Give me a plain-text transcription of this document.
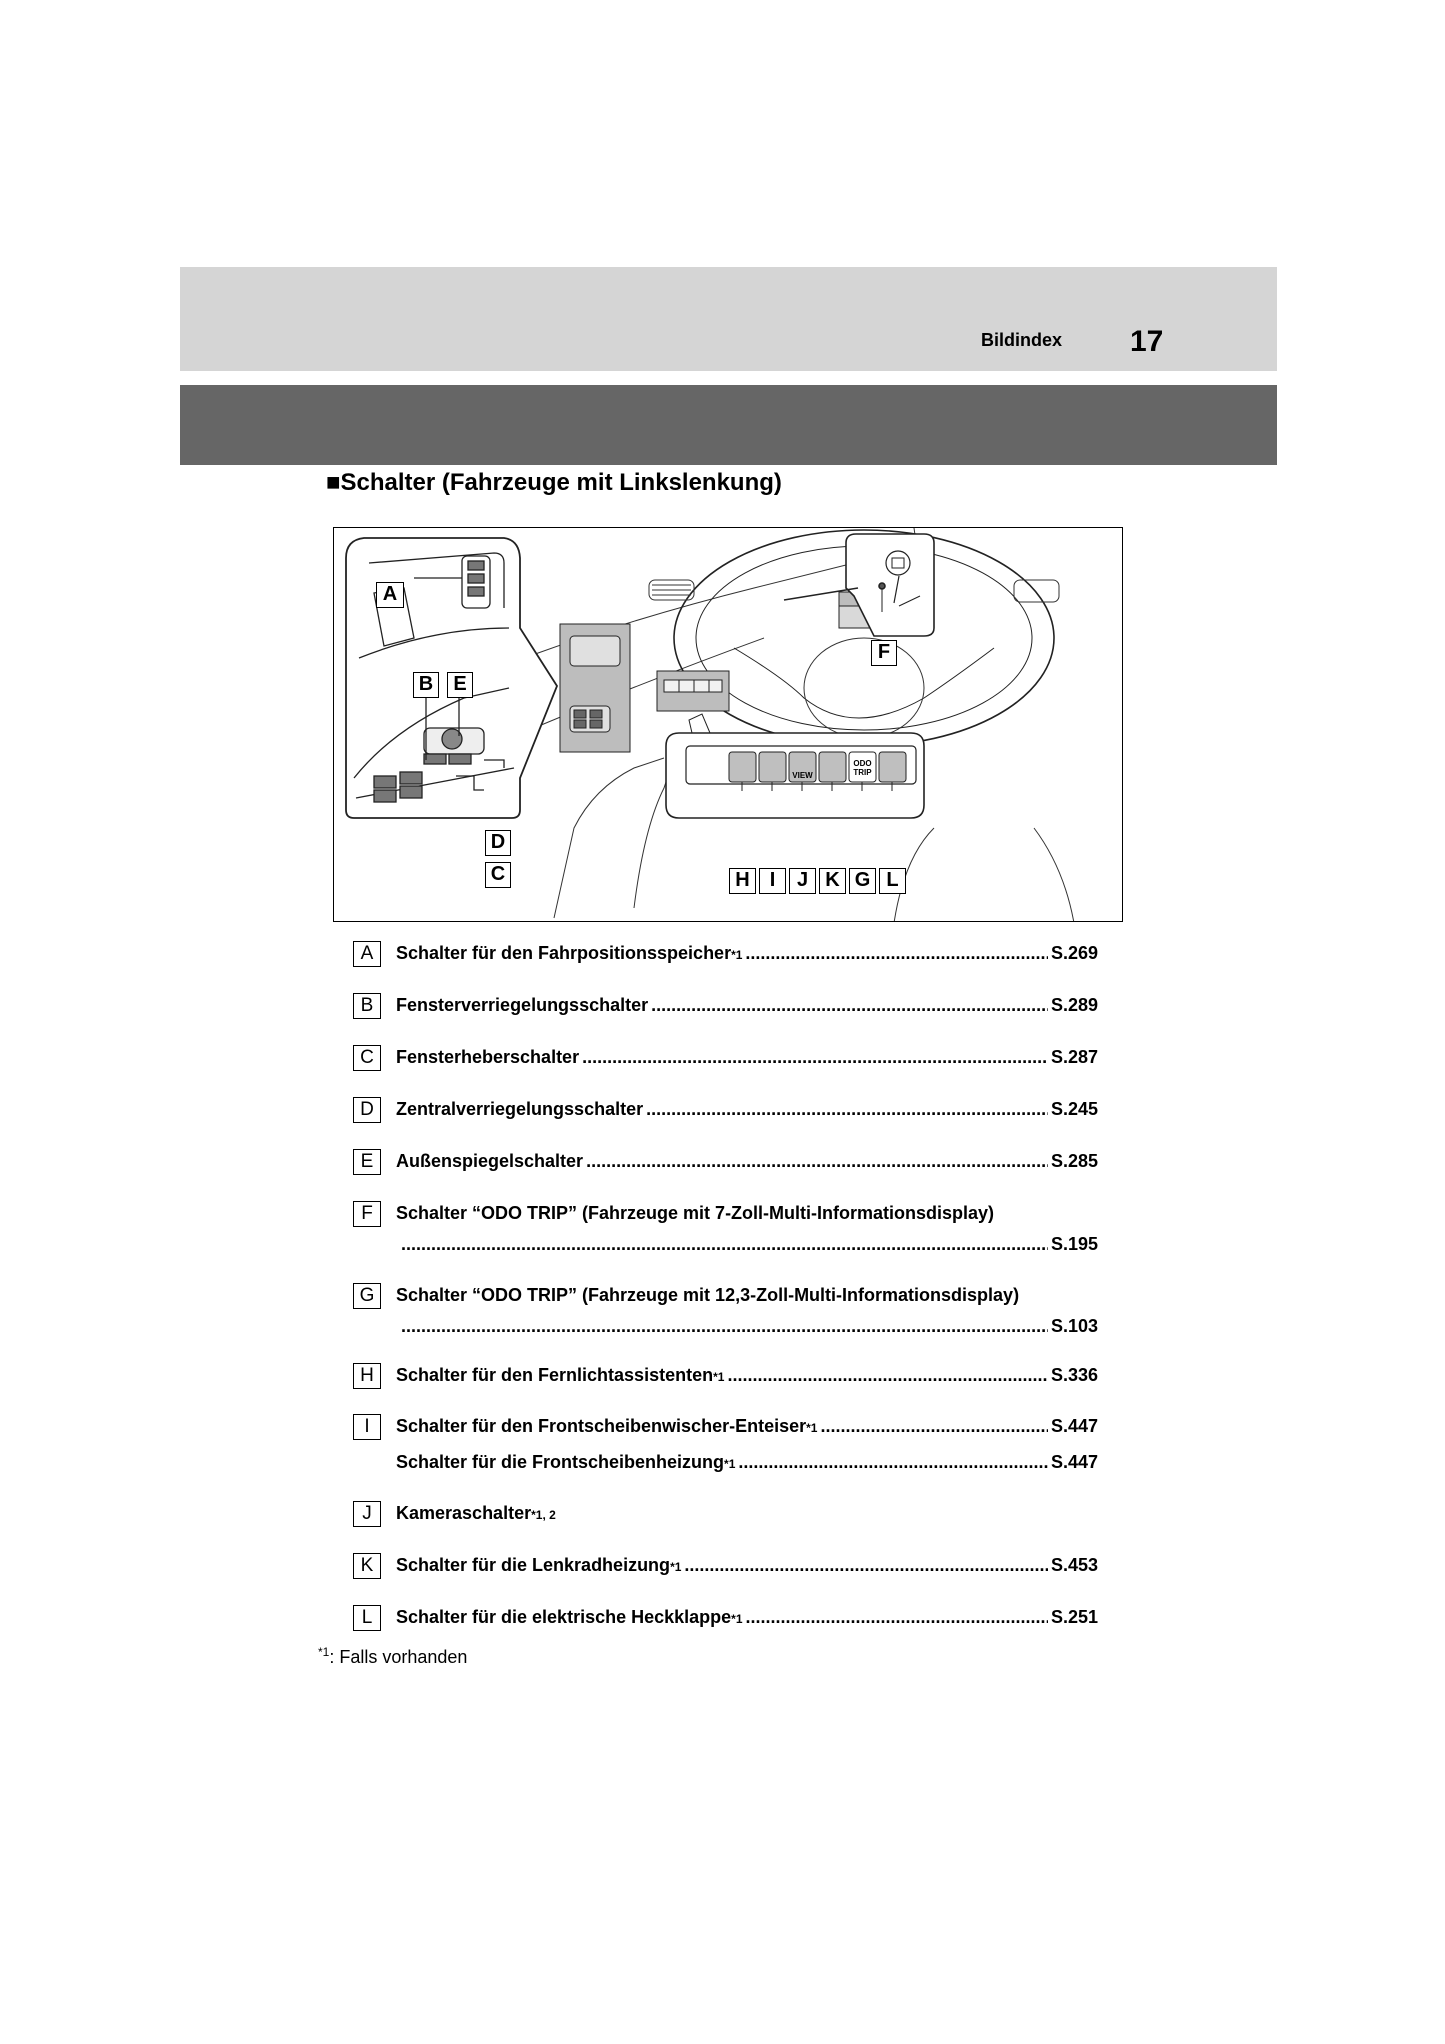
Bildindex 17
■Schalter (Fahrzeuge mit Linkslenkung)
VIEW
ODO
TRIP
A
B	E
D
C
F
H	I	J K G L
A	Schalter für den Fahrpositionsspeicher *1 .....	S.269
B	Fensterverriegelungsschalter .....	S.289
C	Fensterheberschalter .....	S.287
D	Zentralverriegelungsschalter .....	S.245
E	Außenspiegelschalter .....	S.285
F	Schalter “ODO TRIP” (Fahrzeuge mit 7-Zoll-Multi-Informationsdisplay)
.....
S.195
G	Schalter “ODO TRIP” (Fahrzeuge mit 12,3-Zoll-Multi-Informationsdisplay)
.....
S.103
H	Schalter für den Fernlichtassistenten *1 .....	S.336
I	Schalter für den Frontscheibenwischer-Enteiser *1 .....	S.447
Schalter für die Frontscheibenheizung *1 .....	S.447
J	Kameraschalter *1, 2
K	Schalter für die Lenkradheizung *1 .....	S.453
L	Schalter für die elektrische Heckklappe *1 .....	S.251
$^{*1}$: Falls vorhanden
